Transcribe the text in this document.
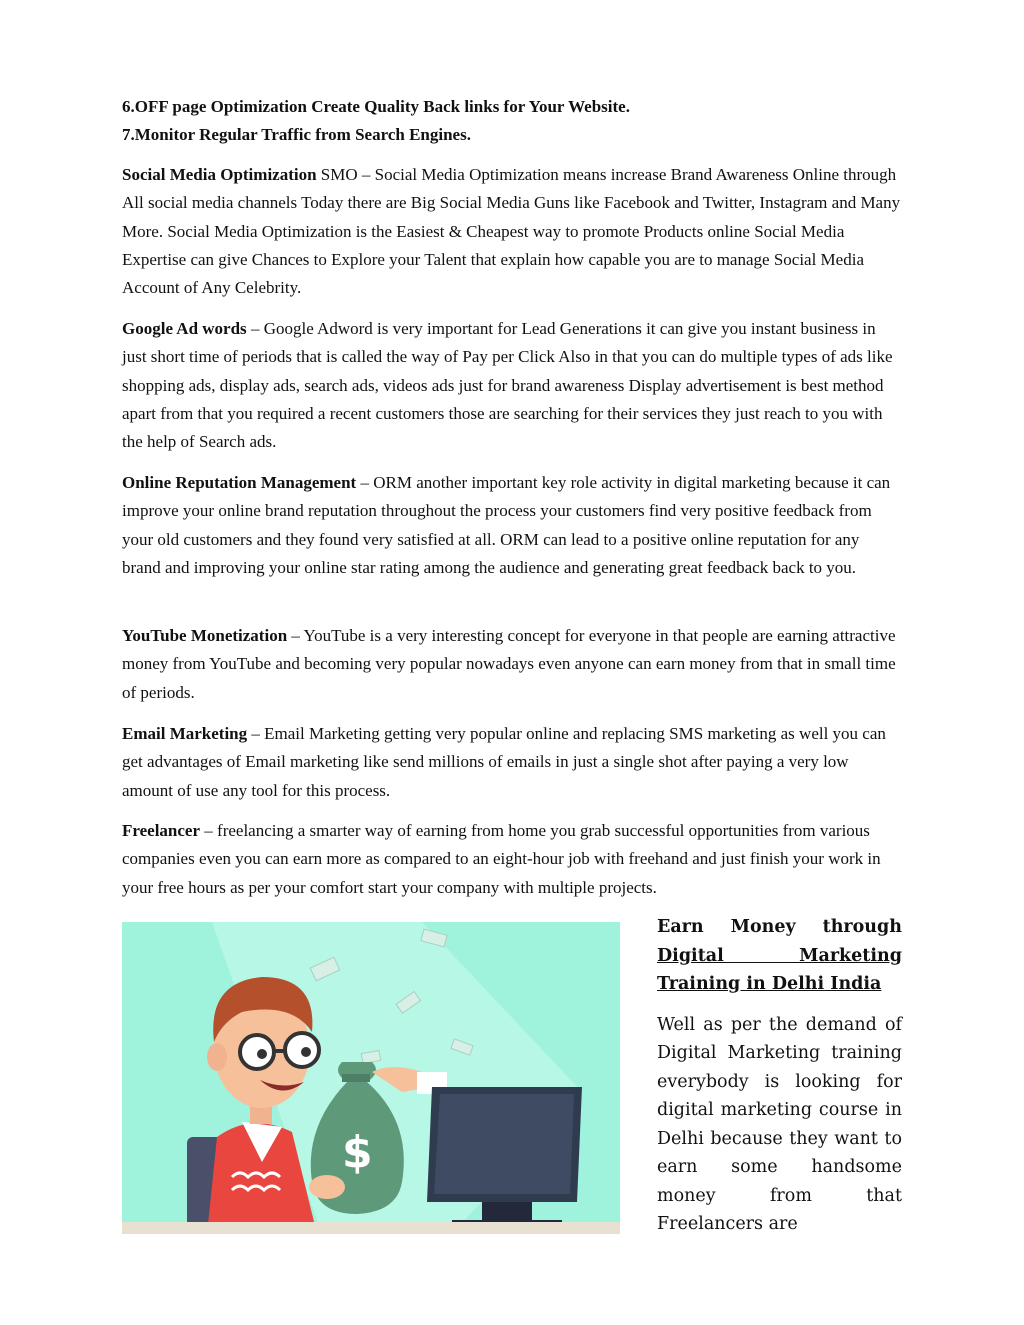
6.OFF page Optimization Create Quality Back links for Your Website.
7.Monitor Regular Traffic from Search Engines.

Social Media Optimization SMO – Social Media Optimization means increase Brand Awareness Online through All social media channels Today there are Big Social Media Guns like Facebook and Twitter, Instagram and Many More. Social Media Optimization is the Easiest & Cheapest way to promote Products online Social Media Expertise can give Chances to Explore your Talent that explain how capable you are to manage Social Media Account of Any Celebrity.

Google Ad words – Google Adword is very important for Lead Generations it can give you instant business in just short time of periods that is called the way of Pay per Click Also in that you can do multiple types of ads like shopping ads, display ads, search ads, videos ads just for brand awareness Display advertisement is best method apart from that you required a recent customers those are searching for their services they just reach to you with the help of Search ads.

Online Reputation Management – ORM another important key role activity in digital marketing because it can improve your online brand reputation throughout the process your customers find very positive feedback from your old customers and they found very satisfied at all. ORM can lead to a positive online reputation for any brand and improving your online star rating among the audience and generating great feedback back to you.

YouTube Monetization – YouTube is a very interesting concept for everyone in that people are earning attractive money from YouTube and becoming very popular nowadays even anyone can earn money from that in small time of periods.

Email Marketing – Email Marketing getting very popular online and replacing SMS marketing as well you can get advantages of Email marketing like send millions of emails in just a single shot after paying a very low amount of use any tool for this process.

Freelancer – freelancing a smarter way of earning from home you grab successful opportunities from various companies even you can earn more as compared to an eight-hour job with freehand and just finish your work in your free hours as per your comfort start your company with multiple projects.

$
Earn Money through
Digital Marketing
Training in Delhi India

Well as per the demand of Digital Marketing training everybody is looking for digital marketing course in Delhi because they want to earn some handsome money from that Freelancers are
